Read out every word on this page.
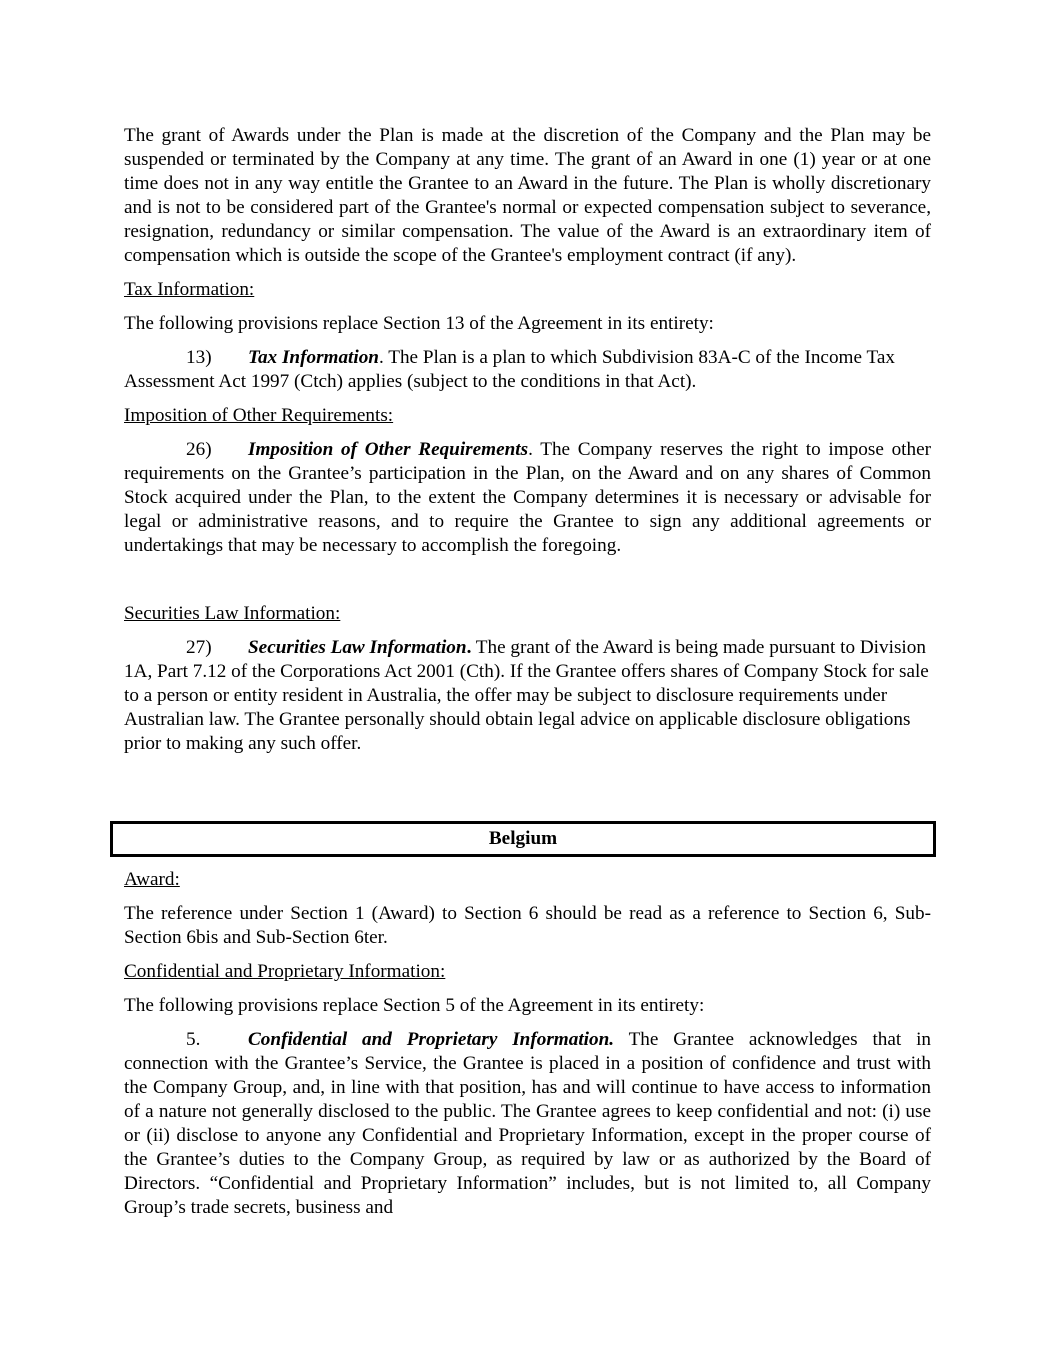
The grant of Awards under the Plan is made at the discretion of the Company and the Plan may be suspended or terminated by the Company at any time. The grant of an Award in one (1) year or at one time does not in any way entitle the Grantee to an Award in the future. The Plan is wholly discretionary and is not to be considered part of the Grantee's normal or expected compensation subject to severance, resignation, redundancy or similar compensation. The value of the Award is an extraordinary item of compensation which is outside the scope of the Grantee's employment contract (if any).

Tax Information:

The following provisions replace Section 13 of the Agreement in its entirety:

13) Tax Information. The Plan is a plan to which Subdivision 83A-C of the Income Tax Assessment Act 1997 (Ctch) applies (subject to the conditions in that Act).

Imposition of Other Requirements:

26) Imposition of Other Requirements. The Company reserves the right to impose other requirements on the Grantee’s participation in the Plan, on the Award and on any shares of Common Stock acquired under the Plan, to the extent the Company determines it is necessary or advisable for legal or administrative reasons, and to require the Grantee to sign any additional agreements or undertakings that may be necessary to accomplish the foregoing.

Securities Law Information:

27) Securities Law Information. The grant of the Award is being made pursuant to Division 1A, Part 7.12 of the Corporations Act 2001 (Cth). If the Grantee offers shares of Company Stock for sale to a person or entity resident in Australia, the offer may be subject to disclosure requirements under Australian law. The Grantee personally should obtain legal advice on applicable disclosure obligations prior to making any such offer.

Belgium

Award:

The reference under Section 1 (Award) to Section 6 should be read as a reference to Section 6, Sub-Section 6bis and Sub-Section 6ter.

Confidential and Proprietary Information:

The following provisions replace Section 5 of the Agreement in its entirety:

5. Confidential and Proprietary Information. The Grantee acknowledges that in connection with the Grantee’s Service, the Grantee is placed in a position of confidence and trust with the Company Group, and, in line with that position, has and will continue to have access to information of a nature not generally disclosed to the public. The Grantee agrees to keep confidential and not: (i) use or (ii) disclose to anyone any Confidential and Proprietary Information, except in the proper course of the Grantee’s duties to the Company Group, as required by law or as authorized by the Board of Directors. “Confidential and Proprietary Information” includes, but is not limited to, all Company Group’s trade secrets, business and
